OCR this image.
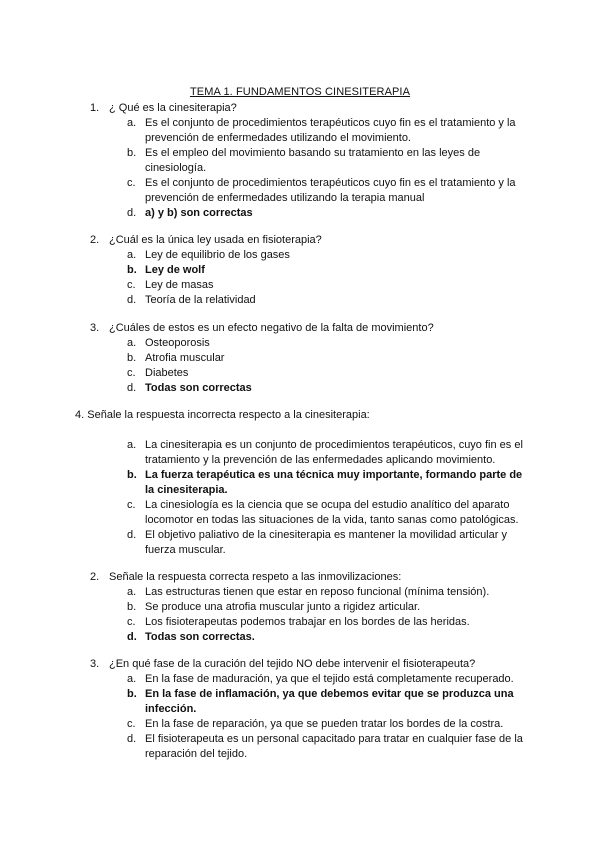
TEMA 1. FUNDAMENTOS CINESITERAPIA
1. ¿ Qué es la cinesiterapia?
a. Es el conjunto de procedimientos terapéuticos cuyo fin es el tratamiento y la prevención de enfermedades utilizando el movimiento.
b. Es el empleo del movimiento basando su tratamiento en las leyes de cinesiología.
c. Es el conjunto de procedimientos terapéuticos cuyo fin es el tratamiento y la prevención de enfermedades utilizando la terapia manual
d. a) y b) son correctas
2. ¿Cuál es la única ley usada en fisioterapia?
a. Ley de equilibrio de los gases
b. Ley de wolf
c. Ley de masas
d. Teoría de la relatividad
3. ¿Cuáles de estos es un efecto negativo de la falta de movimiento?
a. Osteoporosis
b. Atrofia muscular
c. Diabetes
d. Todas son correctas
4. Señale la respuesta incorrecta respecto a la cinesiterapia:
a. La cinesiterapia es un conjunto de procedimientos terapéuticos, cuyo fin es el tratamiento y la prevención de las enfermedades aplicando movimiento.
b. La fuerza terapéutica es una técnica muy importante, formando parte de la cinesiterapia.
c. La cinesiología es la ciencia que se ocupa del estudio analítico del aparato locomotor en todas las situaciones de la vida, tanto sanas como patológicas.
d. El objetivo paliativo de la cinesiterapia es mantener la movilidad articular y fuerza muscular.
2. Señale la respuesta correcta respeto a las inmovilizaciones:
a. Las estructuras tienen que estar en reposo funcional (mínima tensión).
b. Se produce una atrofia muscular junto a rigidez articular.
c. Los fisioterapeutas podemos trabajar en los bordes de las heridas.
d. Todas son correctas.
3. ¿En qué fase de la curación del tejido NO debe intervenir el fisioterapeuta?
a. En la fase de maduración, ya que el tejido está completamente recuperado.
b. En la fase de inflamación, ya que debemos evitar que se produzca una infección.
c. En la fase de reparación, ya que se pueden tratar los bordes de la costra.
d. El fisioterapeuta es un personal capacitado para tratar en cualquier fase de la reparación del tejido.
